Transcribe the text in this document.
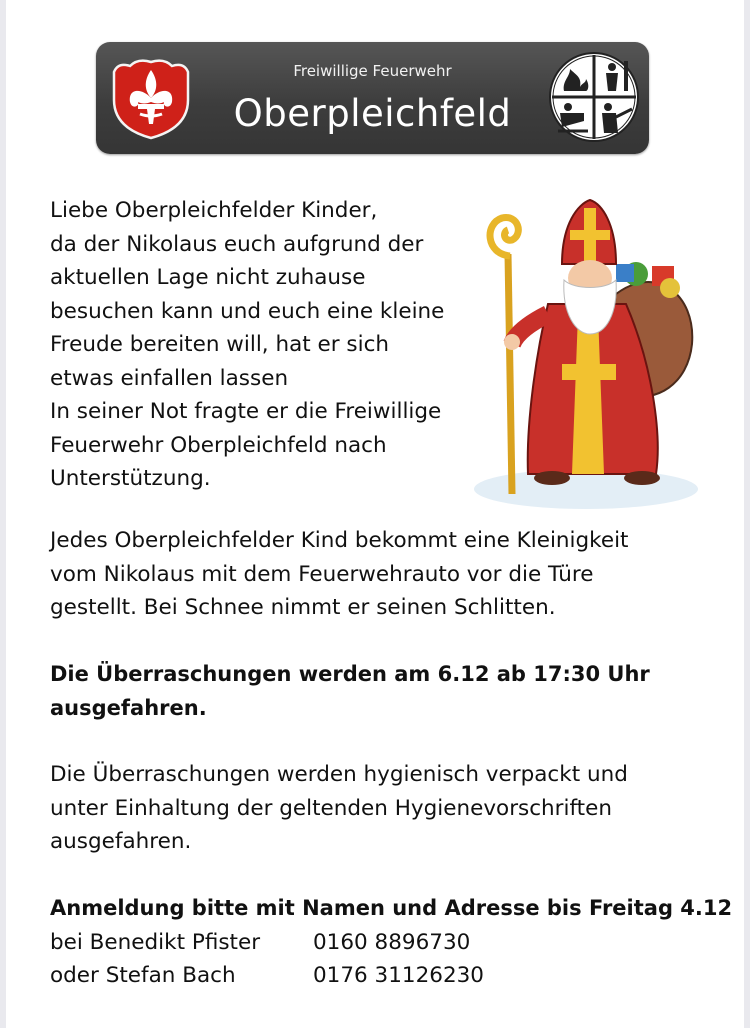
Freiwillige Feuerwehr
Oberpleichfeld

Liebe Oberpleichfelder Kinder,
da der Nikolaus euch aufgrund der
aktuellen Lage nicht zuhause
besuchen kann und euch eine kleine
Freude bereiten will, hat er sich
etwas einfallen lassen
In seiner Not fragte er die Freiwillige
Feuerwehr Oberpleichfeld nach
Unterstützung.

Jedes Oberpleichfelder Kind bekommt eine Kleinigkeit
vom Nikolaus mit dem Feuerwehrauto vor die Türe
gestellt. Bei Schnee nimmt er seinen Schlitten.

Die Überraschungen werden am 6.12 ab 17:30 Uhr
ausgefahren.

Die Überraschungen werden hygienisch verpackt und
unter Einhaltung der geltenden Hygienevorschriften
ausgefahren.

Anmeldung bitte mit Namen und Adresse bis Freitag 4.12

bei Benedikt Pfister 0160 8896730
oder Stefan Bach	0176 31126230
